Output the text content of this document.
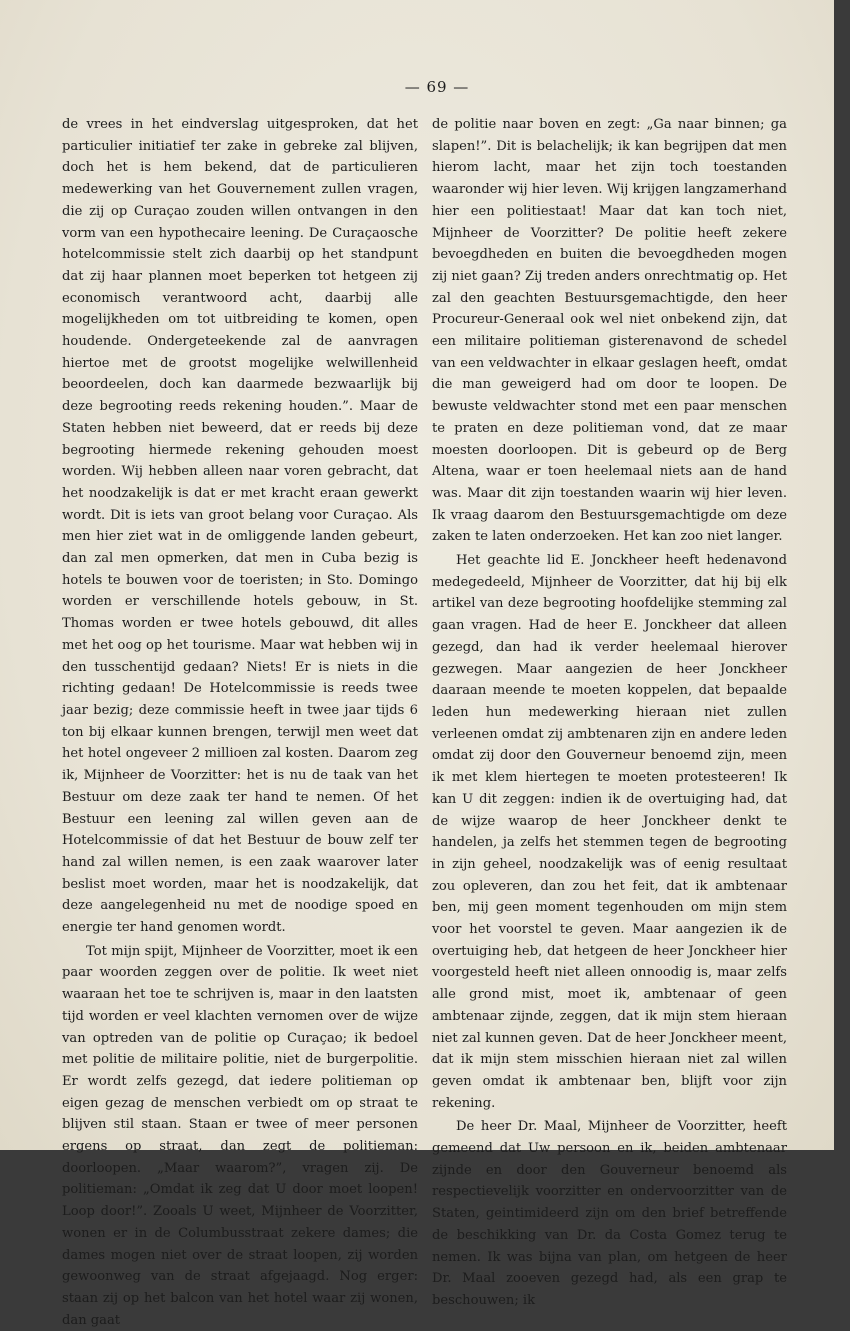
— 69 —

de vrees in het eindverslag uitgesproken, dat het particulier initiatief ter zake in gebreke zal blijven, doch het is hem bekend, dat de particulieren medewerking van het Gouvernement zullen vragen, die zij op Curaçao zouden willen ontvangen in den vorm van een hypothecaire leening. De Curaçaosche hotelcommissie stelt zich daarbij op het standpunt dat zij haar plannen moet beperken tot hetgeen zij economisch verantwoord acht, daarbij alle mogelijkheden om tot uitbreiding te komen, open houdende. Ondergeteekende zal de aanvragen hiertoe met de grootst mogelijke welwillenheid beoordeelen, doch kan daarmede bezwaarlijk bij deze begrooting reeds rekening houden.”. Maar de Staten hebben niet beweerd, dat er reeds bij deze begrooting hiermede rekening gehouden moest worden. Wij hebben alleen naar voren gebracht, dat het noodzakelijk is dat er met kracht eraan gewerkt wordt. Dit is iets van groot belang voor Curaçao. Als men hier ziet wat in de omliggende landen gebeurt, dan zal men opmerken, dat men in Cuba bezig is hotels te bouwen voor de toeristen; in Sto. Domingo worden er verschillende hotels gebouw, in St. Thomas worden er twee hotels gebouwd, dit alles met het oog op het tourisme. Maar wat hebben wij in den tusschentijd gedaan? Niets! Er is niets in die richting gedaan! De Hotelcommissie is reeds twee jaar bezig; deze commissie heeft in twee jaar tijds 6 ton bij elkaar kunnen brengen, terwijl men weet dat het hotel ongeveer 2 millioen zal kosten. Daarom zeg ik, Mijnheer de Voorzitter: het is nu de taak van het Bestuur om deze zaak ter hand te nemen. Of het Bestuur een leening zal willen geven aan de Hotelcommissie of dat het Bestuur de bouw zelf ter hand zal willen nemen, is een zaak waarover later beslist moet worden, maar het is noodzakelijk, dat deze aangelegenheid nu met de noodige spoed en energie ter hand genomen wordt.

Tot mijn spijt, Mijnheer de Voorzitter, moet ik een paar woorden zeggen over de politie. Ik weet niet waaraan het toe te schrijven is, maar in den laatsten tijd worden er veel klachten vernomen over de wijze van optreden van de politie op Curaçao; ik bedoel met politie de militaire politie, niet de burgerpolitie. Er wordt zelfs gezegd, dat iedere politieman op eigen gezag de menschen verbiedt om op straat te blijven stil staan. Staan er twee of meer personen ergens op straat, dan zegt de politieman: doorloopen. „Maar waarom?”, vragen zij. De politieman: „Omdat ik zeg dat U door moet loopen! Loop door!”. Zooals U weet, Mijnheer de Voorzitter, wonen er in de Columbusstraat zekere dames; die dames mogen niet over de straat loopen, zij worden gewoonweg van de straat afgejaagd. Nog erger: staan zij op het balcon van het hotel waar zij wonen, dan gaat

de politie naar boven en zegt: „Ga naar binnen; ga slapen!”. Dit is belachelijk; ik kan begrijpen dat men hierom lacht, maar het zijn toch toestanden waaronder wij hier leven. Wij krijgen langzamerhand hier een politiestaat! Maar dat kan toch niet, Mijnheer de Voorzitter? De politie heeft zekere bevoegdheden en buiten die bevoegdheden mogen zij niet gaan? Zij treden anders onrechtmatig op. Het zal den geachten Bestuursgemachtigde, den heer Procureur-Generaal ook wel niet onbekend zijn, dat een militaire politieman gisterenavond de schedel van een veldwachter in elkaar geslagen heeft, omdat die man geweigerd had om door te loopen. De bewuste veldwachter stond met een paar menschen te praten en deze politieman vond, dat ze maar moesten doorloopen. Dit is gebeurd op de Berg Altena, waar er toen heelemaal niets aan de hand was. Maar dit zijn toestanden waarin wij hier leven. Ik vraag daarom den Bestuursgemachtigde om deze zaken te laten onderzoeken. Het kan zoo niet langer.

Het geachte lid E. Jonckheer heeft hedenavond medegedeeld, Mijnheer de Voorzitter, dat hij bij elk artikel van deze begrooting hoofdelijke stemming zal gaan vragen. Had de heer E. Jonckheer dat alleen gezegd, dan had ik verder heelemaal hierover gezwegen. Maar aangezien de heer Jonckheer daaraan meende te moeten koppelen, dat bepaalde leden hun medewerking hieraan niet zullen verleenen omdat zij ambtenaren zijn en andere leden omdat zij door den Gouverneur benoemd zijn, meen ik met klem hiertegen te moeten protesteeren! Ik kan U dit zeggen: indien ik de overtuiging had, dat de wijze waarop de heer Jonckheer denkt te handelen, ja zelfs het stemmen tegen de begrooting in zijn geheel, noodzakelijk was of eenig resultaat zou opleveren, dan zou het feit, dat ik ambtenaar ben, mij geen moment tegenhouden om mijn stem voor het voorstel te geven. Maar aangezien ik de overtuiging heb, dat hetgeen de heer Jonckheer hier voorgesteld heeft niet alleen onnoodig is, maar zelfs alle grond mist, moet ik, ambtenaar of geen ambtenaar zijnde, zeggen, dat ik mijn stem hieraan niet zal kunnen geven. Dat de heer Jonckheer meent, dat ik mijn stem misschien hieraan niet zal willen geven omdat ik ambtenaar ben, blijft voor zijn rekening.

De heer Dr. Maal, Mijnheer de Voorzitter, heeft gemeend dat Uw persoon en ik, beiden ambtenaar zijnde en door den Gouverneur benoemd als respectievelijk voorzitter en ondervoorzitter van de Staten, geintimideerd zijn om den brief betreffende de beschikking van Dr. da Costa Gomez terug te nemen. Ik was bijna van plan, om hetgeen de heer Dr. Maal zooeven gezegd had, als een grap te beschouwen; ik
